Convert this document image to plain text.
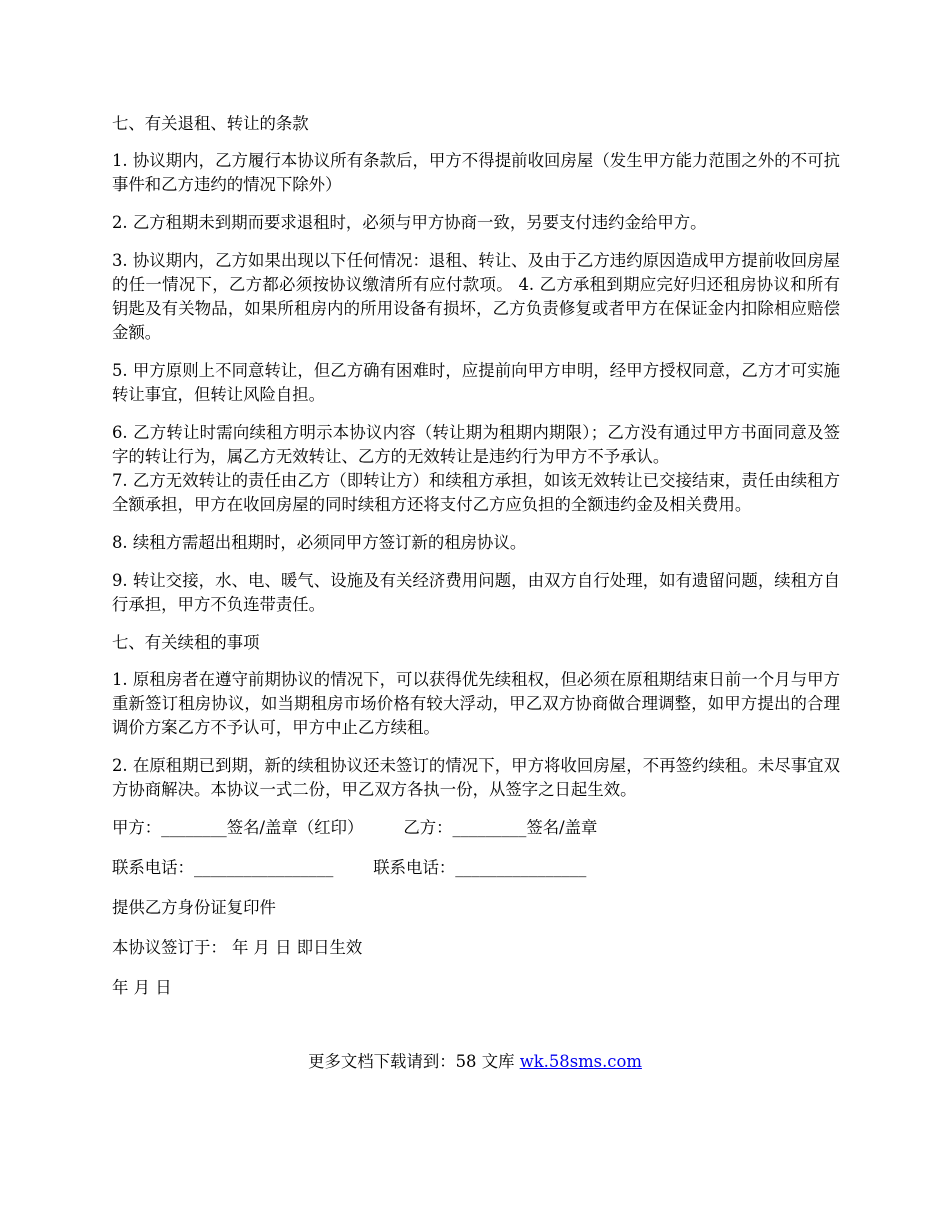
七、有关退租、转让的条款

1. 协议期内，乙方履行本协议所有条款后，甲方不得提前收回房屋（发生甲方能力范围之外的不可抗事件和乙方违约的情况下除外）

2. 乙方租期未到期而要求退租时，必须与甲方协商一致，另要支付违约金给甲方。

3. 协议期内，乙方如果出现以下任何情况：退租、转让、及由于乙方违约原因造成甲方提前收回房屋的任一情况下，乙方都必须按协议缴清所有应付款项。 4. 乙方承租到期应完好归还租房协议和所有钥匙及有关物品，如果所租房内的所用设备有损坏，乙方负责修复或者甲方在保证金内扣除相应赔偿金额。

5. 甲方原则上不同意转让，但乙方确有困难时，应提前向甲方申明，经甲方授权同意，乙方才可实施转让事宜，但转让风险自担。

6. 乙方转让时需向续租方明示本协议内容（转让期为租期内期限）；乙方没有通过甲方书面同意及签字的转让行为，属乙方无效转让、乙方的无效转让是违约行为甲方不予承认。

7. 乙方无效转让的责任由乙方（即转让方）和续租方承担，如该无效转让已交接结束，责任由续租方全额承担，甲方在收回房屋的同时续租方还将支付乙方应负担的全额违约金及相关费用。

8. 续租方需超出租期时，必须同甲方签订新的租房协议。

9. 转让交接，水、电、暖气、设施及有关经济费用问题，由双方自行处理，如有遗留问题，续租方自行承担，甲方不负连带责任。

七、有关续租的事项

1. 原租房者在遵守前期协议的情况下，可以获得优先续租权，但必须在原租期结束日前一个月与甲方重新签订租房协议，如当期租房市场价格有较大浮动，甲乙双方协商做合理调整，如甲方提出的合理调价方案乙方不予认可，甲方中止乙方续租。

2. 在原租期已到期，新的续租协议还未签订的情况下，甲方将收回房屋，不再签约续租。未尽事宜双方协商解决。本协议一式二份，甲乙双方各执一份，从签字之日起生效。

甲方：________签名/盖章（红印） 乙方：_________签名/盖章
联系电话：_________________ 联系电话：________________
提供乙方身份证复印件
本协议签订于： 年 月 日 即日生效
年 月 日
更多文档下载请到：58 文库 wk.58sms.com
